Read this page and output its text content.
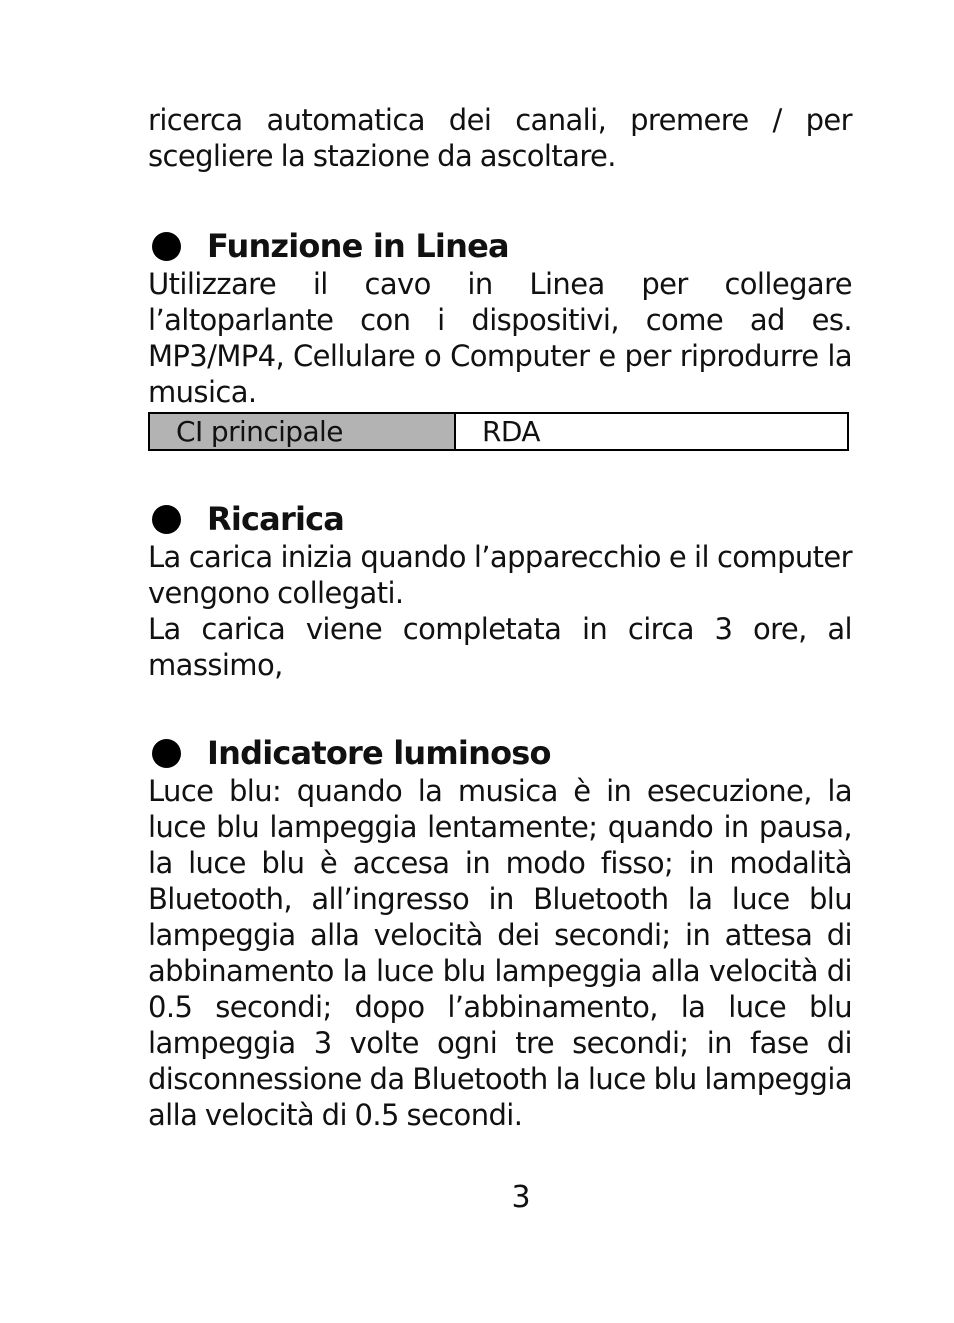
ricerca automatica dei canali, premere / per scegliere la stazione da ascoltare.

Funzione in Linea

Utilizzare il cavo in Linea per collegare l’altoparlante con i dispositivi, come ad es. MP3/MP4, Cellulare o Computer e per riprodurre la musica.

CI principale	RDA
Ricarica

La carica inizia quando l’apparecchio e il computer vengono collegati.

La carica viene completata in circa 3 ore, al massimo,

Indicatore luminoso

Luce blu: quando la musica è in esecuzione, la luce blu lampeggia lentamente; quando in pausa, la luce blu è accesa in modo fisso; in modalità Bluetooth, all’ingresso in Bluetooth la luce blu lampeggia alla velocità dei secondi; in attesa di abbinamento la luce blu lampeggia alla velocità di 0.5 secondi; dopo l’abbinamento, la luce blu lampeggia 3 volte ogni tre secondi; in fase di disconnessione da Bluetooth la luce blu lampeggia alla velocità di 0.5 secondi.

3
